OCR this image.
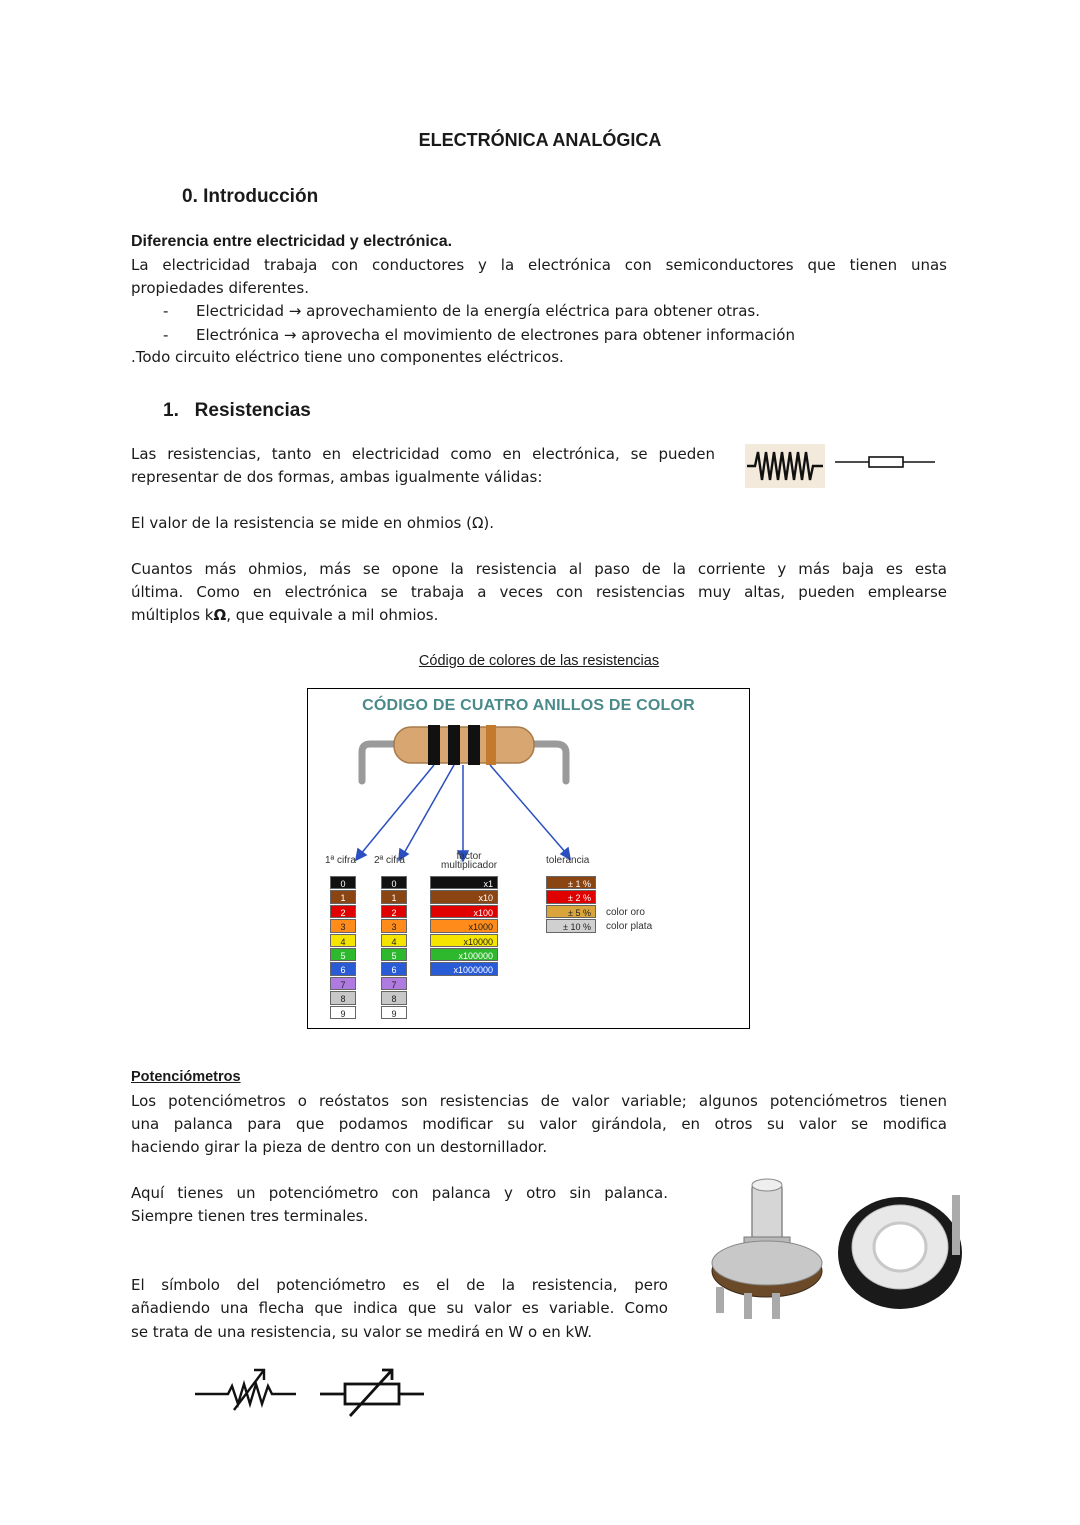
ELECTRÓNICA ANALÓGICA
0. Introducción
Diferencia entre electricidad y electrónica.
La electricidad trabaja con conductores y la electrónica con semiconductores que tienen unas
propiedades diferentes.
- Electricidad → aprovechamiento de la energía eléctrica para obtener otras.
- Electrónica → aprovecha el movimiento de electrones para obtener información
.Todo circuito eléctrico tiene uno componentes eléctricos.
1.   Resistencias
Las resistencias, tanto en electricidad como en electrónica, se pueden
representar de dos formas, ambas igualmente válidas:
El valor de la resistencia se mide en ohmios (Ω).
Cuantos más ohmios, más se opone la resistencia al paso de la corriente y más baja es esta
última. Como en electrónica se trabaja a veces con resistencias muy altas, pueden emplearse
múltiplos kΩ, que equivale a mil ohmios.
Código de colores de las resistencias
CÓDIGO DE CUATRO ANILLOS DE COLOR
1ª cifra 2ª cifra	factor
multiplicador	tolerancia
0
1
2
3
4
5
6
7
8
9
0
1
2
3
4
5
6
7
8
9
x1
x10
x100
x1000
x10000
x100000
x1000000
± 1 %
± 2 %
± 5 %
± 10 %
color oro
color plata
Potenciómetros
Los potenciómetros o reóstatos son resistencias de valor variable; algunos potenciómetros tienen
una palanca para que podamos modificar su valor girándola, en otros su valor se modifica
haciendo girar la pieza de dentro con un destornillador.
Aquí tienes un potenciómetro con palanca y otro sin palanca.
Siempre tienen tres terminales.
El símbolo del potenciómetro es el de la resistencia, pero
añadiendo una flecha que indica que su valor es variable. Como
se trata de una resistencia, su valor se medirá en W o en kW.
